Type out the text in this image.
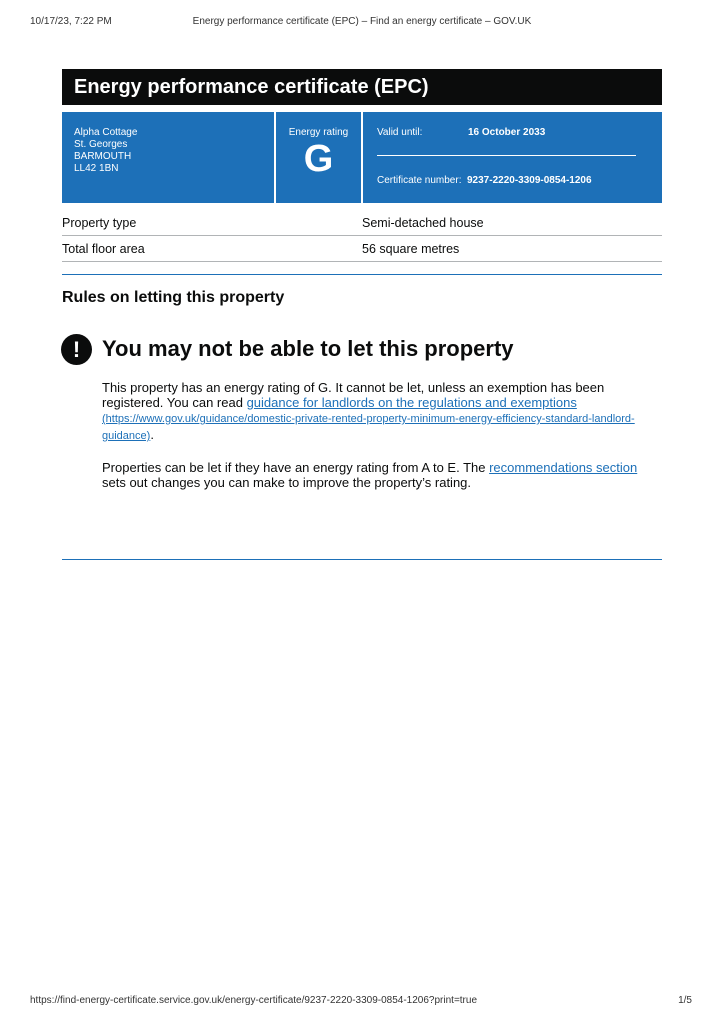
Energy performance certificate (EPC) – Find an energy certificate – GOV.UK
10/17/23, 7:22 PM
Energy performance certificate (EPC)
Alpha Cottage
St. Georges
BARMOUTH
LL42 1BN
Energy rating
G
Valid until:	16 October 2033
Certificate number: 9237-2220-3309-0854-1206
Property type	Semi-detached house
Total floor area	56 square metres
Rules on letting this property
! You may not be able to let this property
This property has an energy rating of G. It cannot be let, unless an exemption has been registered. You can read guidance for landlords on the regulations and exemptions
(https://www.gov.uk/guidance/domestic-private-rented-property-minimum-energy-efficiency-standard-landlord-guidance).
Properties can be let if they have an energy rating from A to E. The recommendations section sets out changes you can make to improve the property’s rating.
https://find-energy-certificate.service.gov.uk/energy-certificate/9237-2220-3309-0854-1206?print=true	1/5
